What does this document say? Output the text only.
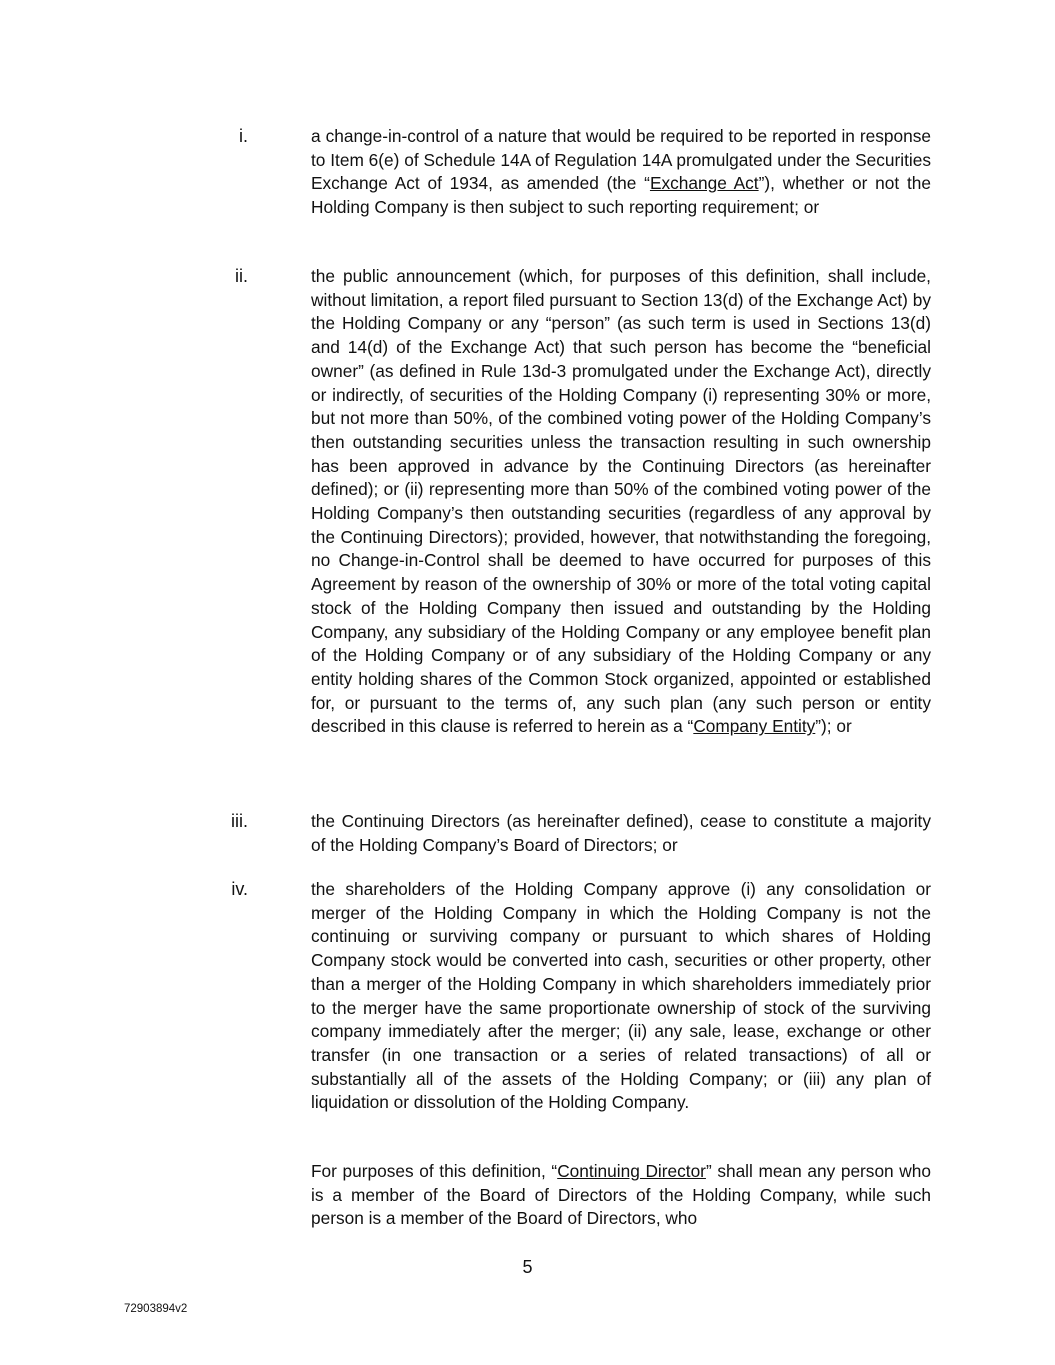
i.	a change-in-control of a nature that would be required to be reported in response to Item 6(e) of Schedule 14A of Regulation 14A promulgated under the Securities Exchange Act of 1934, as amended (the “Exchange Act”), whether or not the Holding Company is then subject to such reporting requirement; or
ii.	the public announcement (which, for purposes of this definition, shall include, without limitation, a report filed pursuant to Section 13(d) of the Exchange Act) by the Holding Company or any “person” (as such term is used in Sections 13(d) and 14(d) of the Exchange Act) that such person has become the “beneficial owner” (as defined in Rule 13d-3 promulgated under the Exchange Act), directly or indirectly, of securities of the Holding Company (i) representing 30% or more, but not more than 50%, of the combined voting power of the Holding Company’s then outstanding securities unless the transaction resulting in such ownership has been approved in advance by the Continuing Directors (as hereinafter defined); or (ii) representing more than 50% of the combined voting power of the Holding Company’s then outstanding securities (regardless of any approval by the Continuing Directors); provided, however, that notwithstanding the foregoing, no Change-in-Control shall be deemed to have occurred for purposes of this Agreement by reason of the ownership of 30% or more of the total voting capital stock of the Holding Company then issued and outstanding by the Holding Company, any subsidiary of the Holding Company or any employee benefit plan of the Holding Company or of any subsidiary of the Holding Company or any entity holding shares of the Common Stock organized, appointed or established for, or pursuant to the terms of, any such plan (any such person or entity described in this clause is referred to herein as a “Company Entity”); or
iii.	the Continuing Directors (as hereinafter defined), cease to constitute a majority of the Holding Company’s Board of Directors; or
iv.	the shareholders of the Holding Company approve (i) any consolidation or merger of the Holding Company in which the Holding Company is not the continuing or surviving company or pursuant to which shares of Holding Company stock would be converted into cash, securities or other property, other than a merger of the Holding Company in which shareholders immediately prior to the merger have the same proportionate ownership of stock of the surviving company immediately after the merger; (ii) any sale, lease, exchange or other transfer (in one transaction or a series of related transactions) of all or substantially all of the assets of the Holding Company; or (iii) any plan of liquidation or dissolution of the Holding Company.
For purposes of this definition, “Continuing Director” shall mean any person who is a member of the Board of Directors of the Holding Company, while such person is a member of the Board of Directors, who
5
72903894v2
